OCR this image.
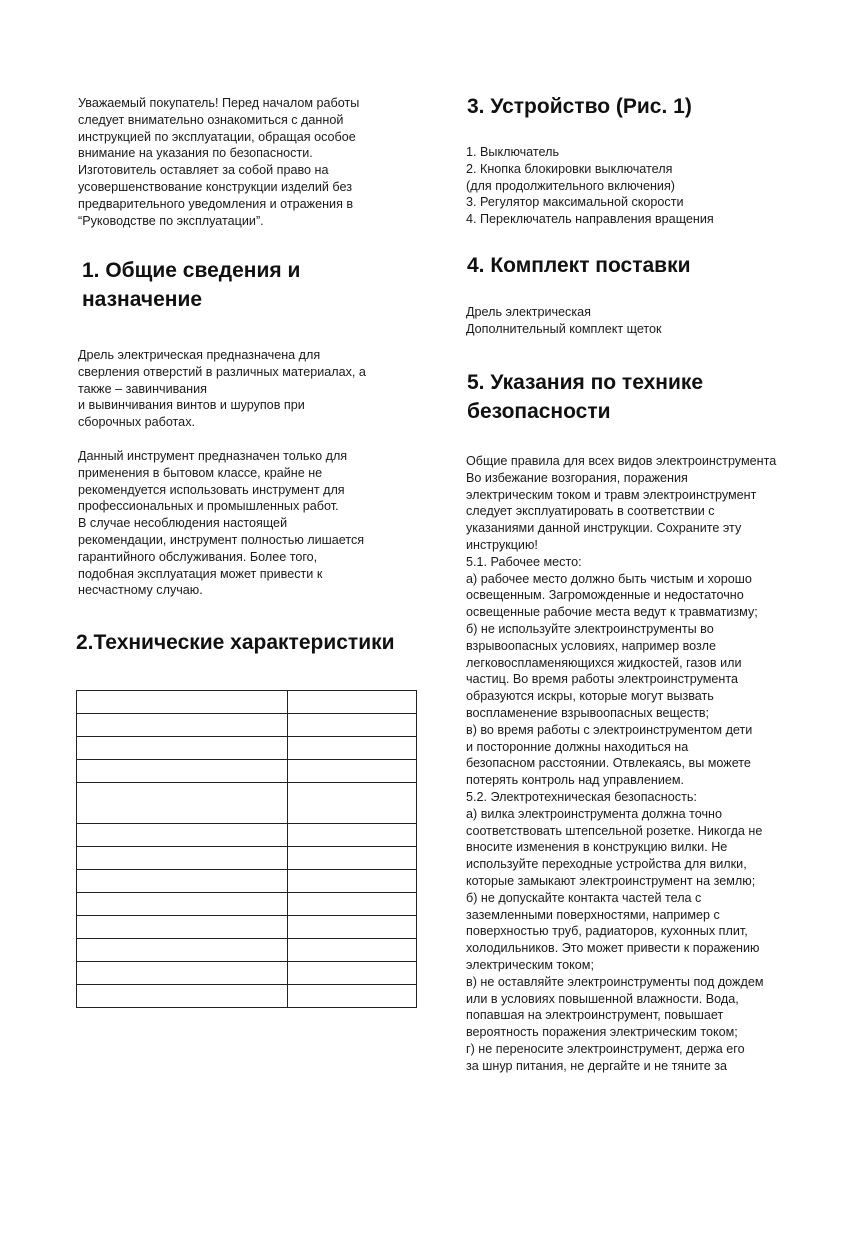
Уважаемый покупатель! Перед началом работы
следует внимательно ознакомиться с данной
инструкцией по эксплуатации, обращая особое
внимание на указания по безопасности.
Изготовитель оставляет за собой право на
усовершенствование конструкции изделий без
предварительного уведомления и отражения в
“Руководстве по эксплуатации”.
1. Общие сведения и
назначение
Дрель электрическая предназначена для
сверления отверстий в различных материалах, а
также – завинчивания
и вывинчивания винтов и шурупов при
сборочных работах.
Данный инструмент предназначен только для
применения в бытовом классе, крайне не
рекомендуется использовать инструмент для
профессиональных и промышленных работ.
В случае несоблюдения настоящей
рекомендации, инструмент полностью лишается
гарантийного обслуживания. Более того,
подобная эксплуатация может привести к
несчастному случаю.
2.Технические характеристики

3. Устройство (Рис. 1)
1. Выключатель
2. Кнопка блокировки выключателя
(для продолжительного включения)
3. Регулятор максимальной скорости
4. Переключатель направления вращения
4. Комплект поставки
Дрель электрическая
Дополнительный комплект щеток
5. Указания по технике
безопасности
Общие правила для всех видов электроинструмента
Во избежание возгорания, поражения
электрическим током и травм электроинструмент
следует эксплуатировать в соответствии с
указаниями данной инструкции. Сохраните эту
инструкцию!
5.1. Рабочее место:
а) рабочее место должно быть чистым и хорошо
освещенным. Загроможденные и недостаточно
освещенные рабочие места ведут к травматизму;
б) не используйте электроинструменты во
взрывоопасных условиях, например возле
легковоспламеняющихся жидкостей, газов или
частиц. Во время работы электроинструмента
образуются искры, которые могут вызвать
воспламенение взрывоопасных веществ;
в) во время работы с электроинструментом дети
и посторонние должны находиться на
безопасном расстоянии. Отвлекаясь, вы можете
потерять контроль над управлением.
5.2. Электротехническая безопасность:
а) вилка электроинструмента должна точно
соответствовать штепсельной розетке. Никогда не
вносите изменения в конструкцию вилки. Не
используйте переходные устройства для вилки,
которые замыкают электроинструмент на землю;
б) не допускайте контакта частей тела с
заземленными поверхностями, например с
поверхностью труб, радиаторов, кухонных плит,
холодильников. Это может привести к поражению
электрическим током;
в) не оставляйте электроинструменты под дождем
или в условиях повышенной влажности. Вода,
попавшая на электроинструмент, повышает
вероятность поражения электрическим током;
г) не переносите электроинструмент, держа его
за шнур питания, не дергайте и не тяните за
